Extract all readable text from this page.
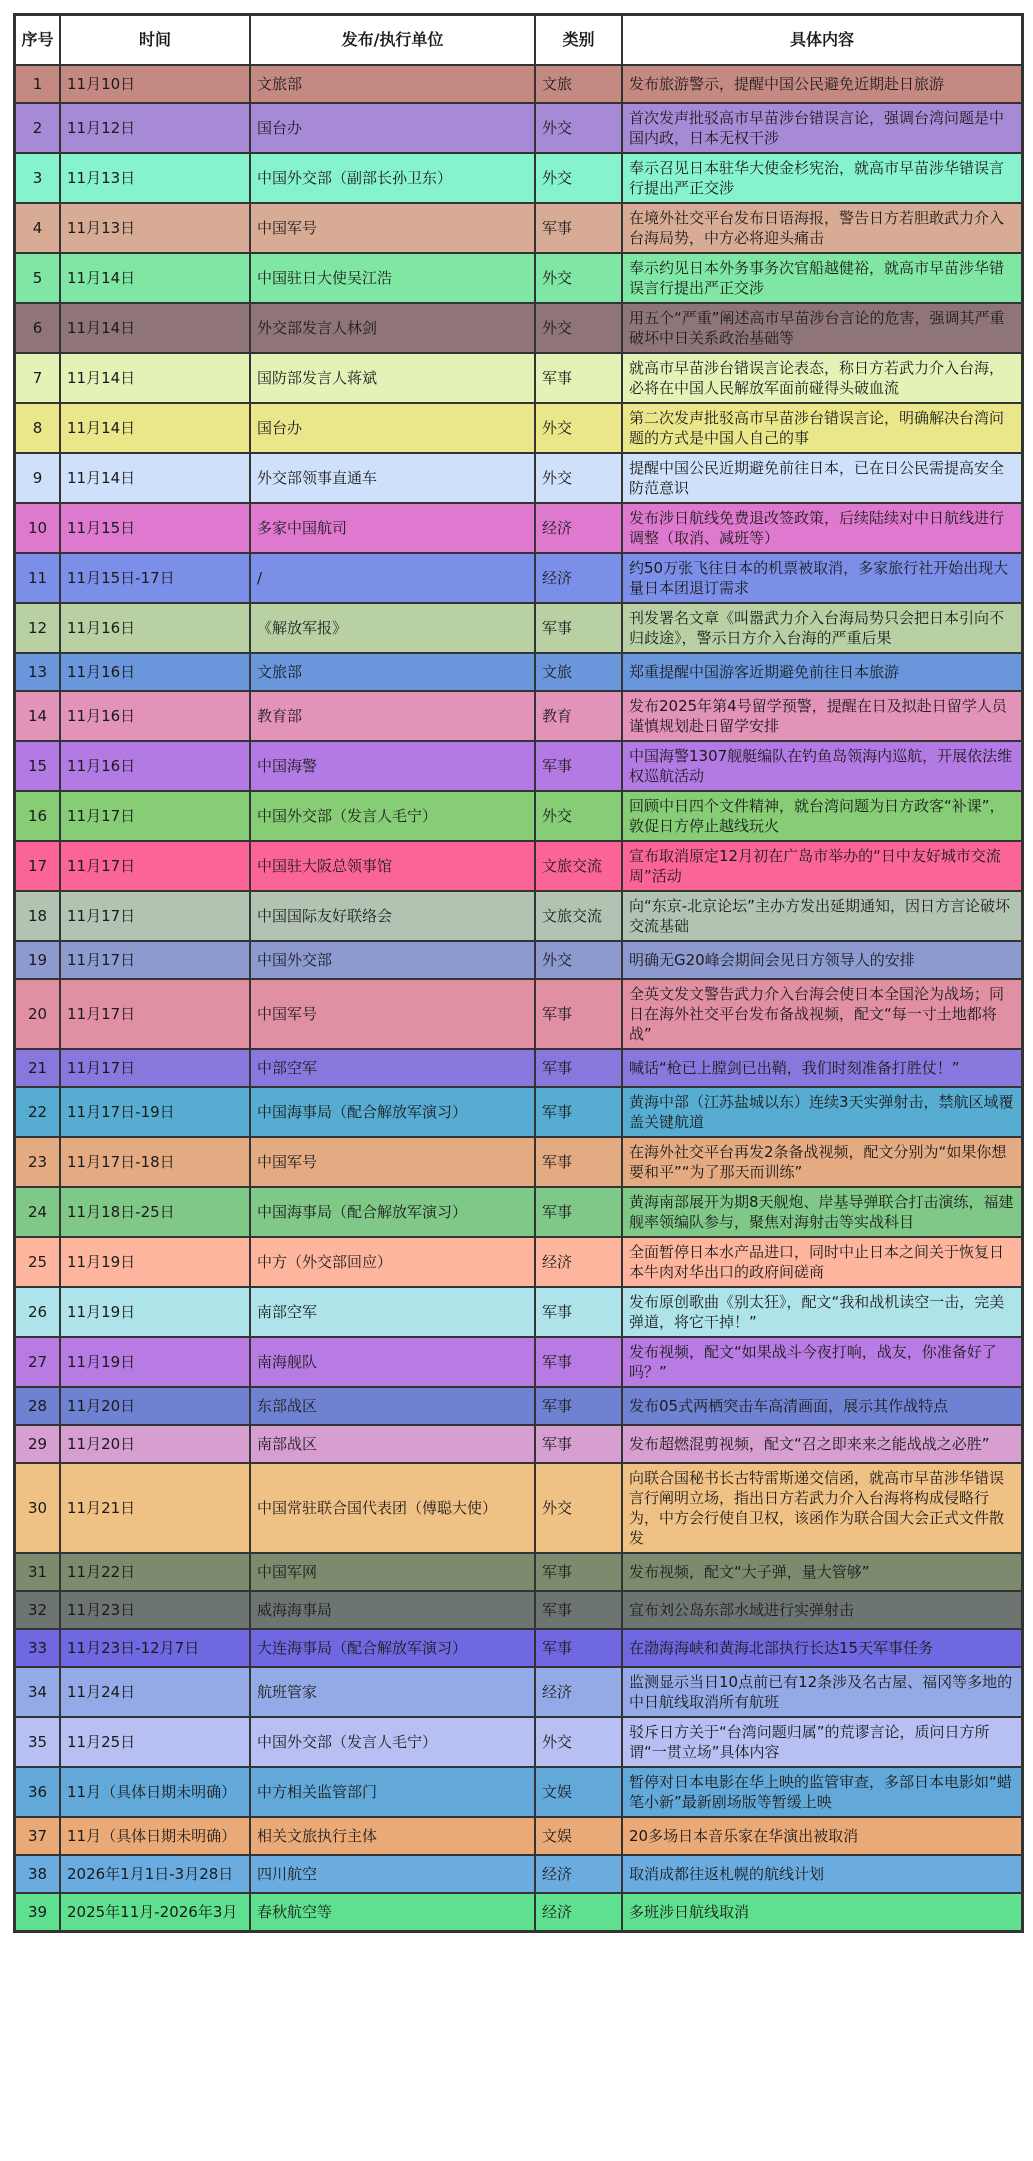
序号	时间	发布/执行单位	类别	具体内容
1	11月10日	文旅部	文旅	发布旅游警示，提醒中国公民避免近期赴日旅游
2	11月12日	国台办	外交	首次发声批驳高市早苗涉台错误言论，强调台湾问题是中国内政，日本无权干涉
3	11月13日	中国外交部（副部长孙卫东）	外交	奉示召见日本驻华大使金杉宪治，就高市早苗涉华错误言行提出严正交涉
4	11月13日	中国军号	军事	在境外社交平台发布日语海报，警告日方若胆敢武力介入台海局势，中方必将迎头痛击
5	11月14日	中国驻日大使吴江浩	外交	奉示约见日本外务事务次官船越健裕，就高市早苗涉华错误言行提出严正交涉
6	11月14日	外交部发言人林剑	外交	用五个“严重”阐述高市早苗涉台言论的危害，强调其严重破坏中日关系政治基础等
7	11月14日	国防部发言人蒋斌	军事	就高市早苗涉台错误言论表态，称日方若武力介入台海，必将在中国人民解放军面前碰得头破血流
8	11月14日	国台办	外交	第二次发声批驳高市早苗涉台错误言论，明确解决台湾问题的方式是中国人自己的事
9	11月14日	外交部领事直通车	外交	提醒中国公民近期避免前往日本，已在日公民需提高安全防范意识
10	11月15日	多家中国航司	经济	发布涉日航线免费退改签政策，后续陆续对中日航线进行调整（取消、减班等）
11	11月15日-17日	/	经济	约50万张飞往日本的机票被取消，多家旅行社开始出现大量日本团退订需求
12	11月16日	《解放军报》	军事	刊发署名文章《叫嚣武力介入台海局势只会把日本引向不归歧途》，警示日方介入台海的严重后果
13	11月16日	文旅部	文旅	郑重提醒中国游客近期避免前往日本旅游
14	11月16日	教育部	教育	发布2025年第4号留学预警，提醒在日及拟赴日留学人员谨慎规划赴日留学安排
15	11月16日	中国海警	军事	中国海警1307舰艇编队在钓鱼岛领海内巡航，开展依法维权巡航活动
16	11月17日	中国外交部（发言人毛宁）	外交	回顾中日四个文件精神，就台湾问题为日方政客“补课”，敦促日方停止越线玩火
17	11月17日	中国驻大阪总领事馆	文旅交流	宣布取消原定12月初在广岛市举办的“日中友好城市交流周”活动
18	11月17日	中国国际友好联络会	文旅交流	向“东京-北京论坛”主办方发出延期通知，因日方言论破坏交流基础
19	11月17日	中国外交部	外交	明确无G20峰会期间会见日方领导人的安排
20	11月17日	中国军号	军事	全英文发文警告武力介入台海会使日本全国沦为战场；同日在海外社交平台发布备战视频，配文“每一寸土地都将战”
21	11月17日	中部空军	军事	喊话“枪已上膛剑已出鞘，我们时刻准备打胜仗！”
22	11月17日-19日	中国海事局（配合解放军演习）	军事	黄海中部（江苏盐城以东）连续3天实弹射击，禁航区域覆盖关键航道
23	11月17日-18日	中国军号	军事	在海外社交平台再发2条备战视频，配文分别为“如果你想要和平”“为了那天而训练”
24	11月18日-25日	中国海事局（配合解放军演习）	军事	黄海南部展开为期8天舰炮、岸基导弹联合打击演练，福建舰率领编队参与，聚焦对海射击等实战科目
25	11月19日	中方（外交部回应）	经济	全面暂停日本水产品进口，同时中止日本之间关于恢复日本牛肉对华出口的政府间磋商
26	11月19日	南部空军	军事	发布原创歌曲《别太狂》，配文“我和战机读空一击，完美弹道，将它干掉！”
27	11月19日	南海舰队	军事	发布视频，配文“如果战斗今夜打响，战友，你准备好了吗？”
28	11月20日	东部战区	军事	发布05式两栖突击车高清画面，展示其作战特点
29	11月20日	南部战区	军事	发布超燃混剪视频，配文“召之即来来之能战战之必胜”
30	11月21日	中国常驻联合国代表团（傅聪大使）	外交	向联合国秘书长古特雷斯递交信函，就高市早苗涉华错误言行阐明立场，指出日方若武力介入台海将构成侵略行为，中方会行使自卫权，该函作为联合国大会正式文件散发
31	11月22日	中国军网	军事	发布视频，配文“大子弹，量大管够”
32	11月23日	威海海事局	军事	宣布刘公岛东部水域进行实弹射击
33	11月23日-12月7日	大连海事局（配合解放军演习）	军事	在渤海海峡和黄海北部执行长达15天军事任务
34	11月24日	航班管家	经济	监测显示当日10点前已有12条涉及名古屋、福冈等多地的中日航线取消所有航班
35	11月25日	中国外交部（发言人毛宁）	外交	驳斥日方关于“台湾问题归属”的荒谬言论，质问日方所谓“一贯立场”具体内容
36	11月（具体日期未明确）	中方相关监管部门	文娱	暂停对日本电影在华上映的监管审查，多部日本电影如“蜡笔小新”最新剧场版等暂缓上映
37	11月（具体日期未明确）	相关文旅执行主体	文娱	20多场日本音乐家在华演出被取消
38	2026年1月1日-3月28日	四川航空	经济	取消成都往返札幌的航线计划
39	2025年11月-2026年3月	春秋航空等	经济	多班涉日航线取消
